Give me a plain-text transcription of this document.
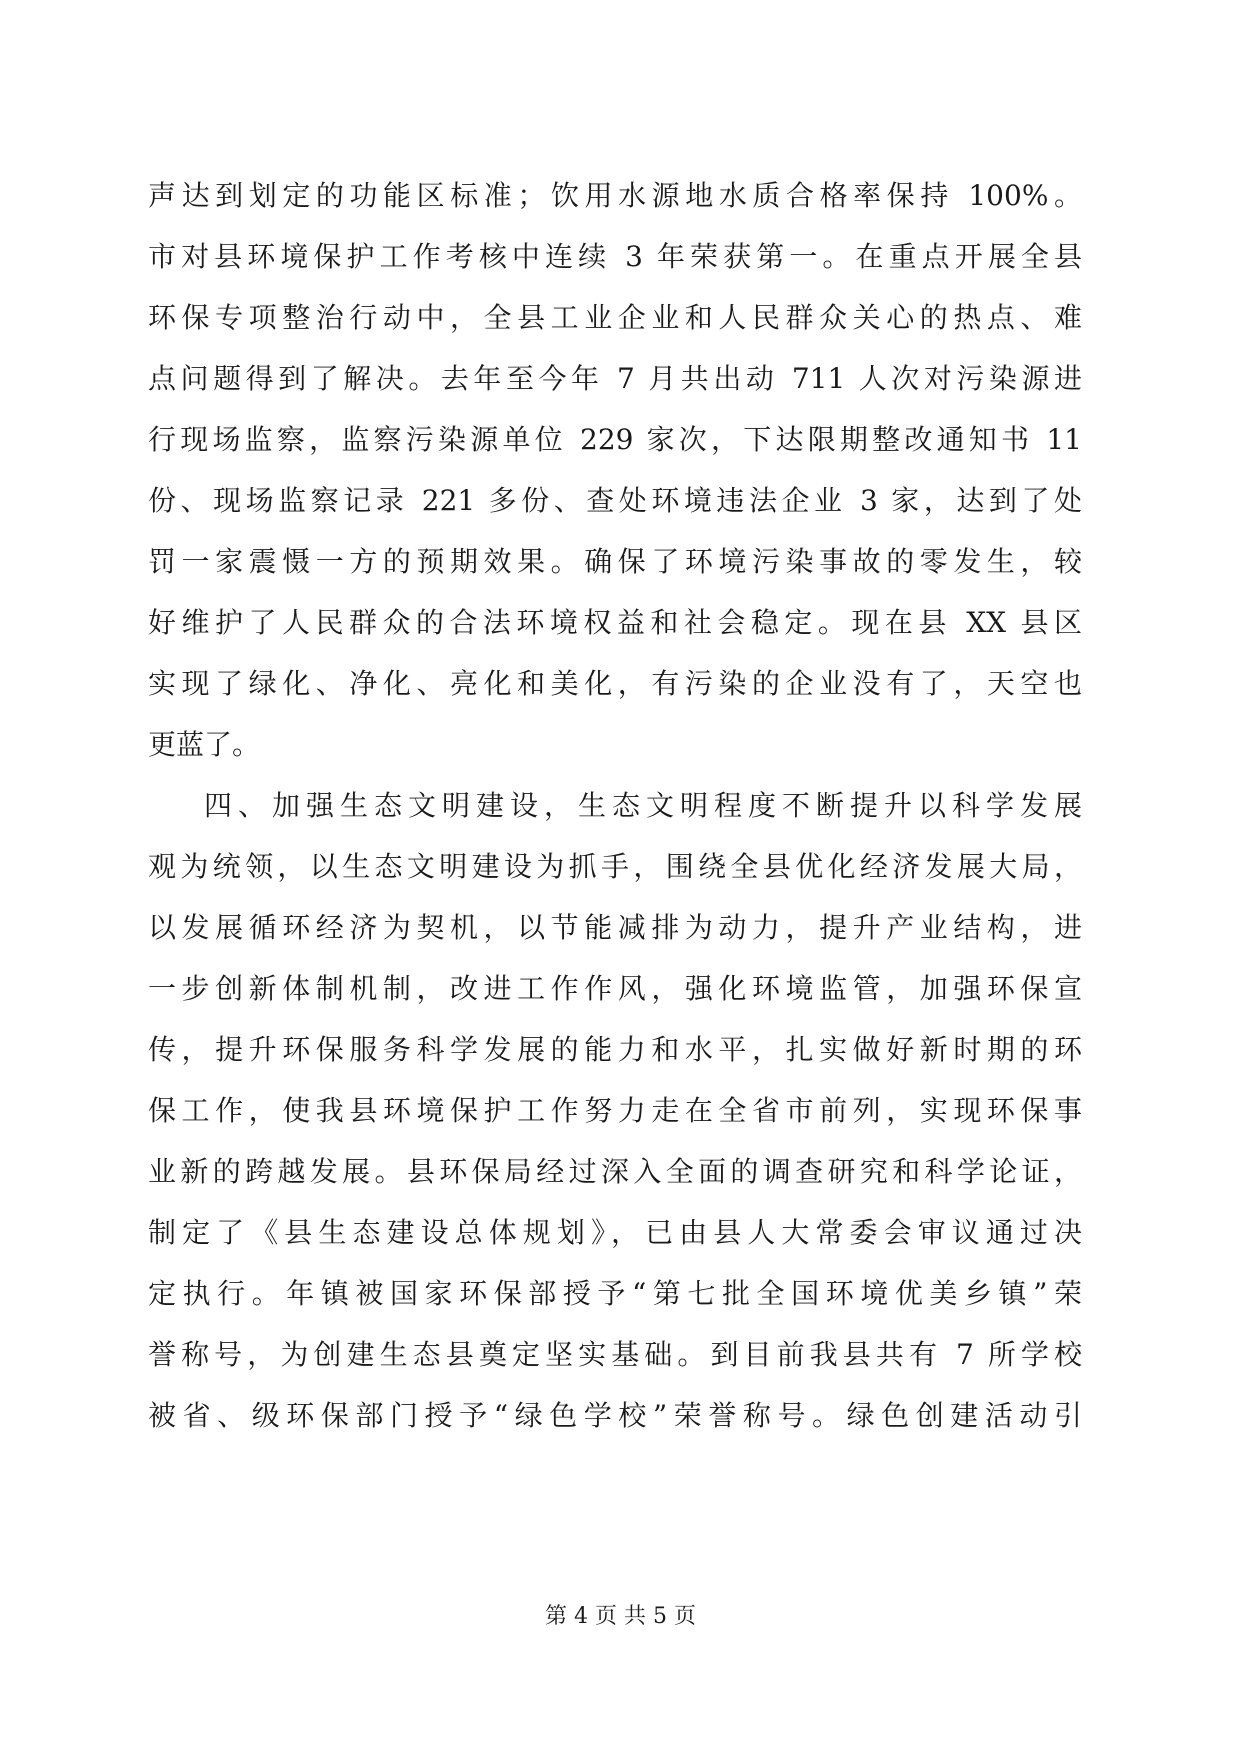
声达到划定的功能区标准；饮用水源地水质合格率保持 100%。
市对县环境保护工作考核中连续 3 年荣获第一。在重点开展全县
环保专项整治行动中，全县工业企业和人民群众关心的热点、难
点问题得到了解决。去年至今年 7 月共出动 711 人次对污染源进
行现场监察，监察污染源单位 229 家次，下达限期整改通知书 11
份、现场监察记录 221 多份、查处环境违法企业 3 家，达到了处
罚一家震慑一方的预期效果。确保了环境污染事故的零发生，较
好维护了人民群众的合法环境权益和社会稳定。现在县 XX 县区
实现了绿化、净化、亮化和美化，有污染的企业没有了，天空也
更蓝了。
四、加强生态文明建设，生态文明程度不断提升以科学发展
观为统领，以生态文明建设为抓手，围绕全县优化经济发展大局，
以发展循环经济为契机，以节能减排为动力，提升产业结构，进
一步创新体制机制，改进工作作风，强化环境监管，加强环保宣
传，提升环保服务科学发展的能力和水平，扎实做好新时期的环
保工作，使我县环境保护工作努力走在全省市前列，实现环保事
业新的跨越发展。县环保局经过深入全面的调查研究和科学论证，
制定了《县生态建设总体规划》，已由县人大常委会审议通过决
定执行。年镇被国家环保部授予“第七批全国环境优美乡镇”荣
誉称号，为创建生态县奠定坚实基础。到目前我县共有 7 所学校
被省、级环保部门授予“绿色学校”荣誉称号。绿色创建活动引
第 4 页 共 5 页
